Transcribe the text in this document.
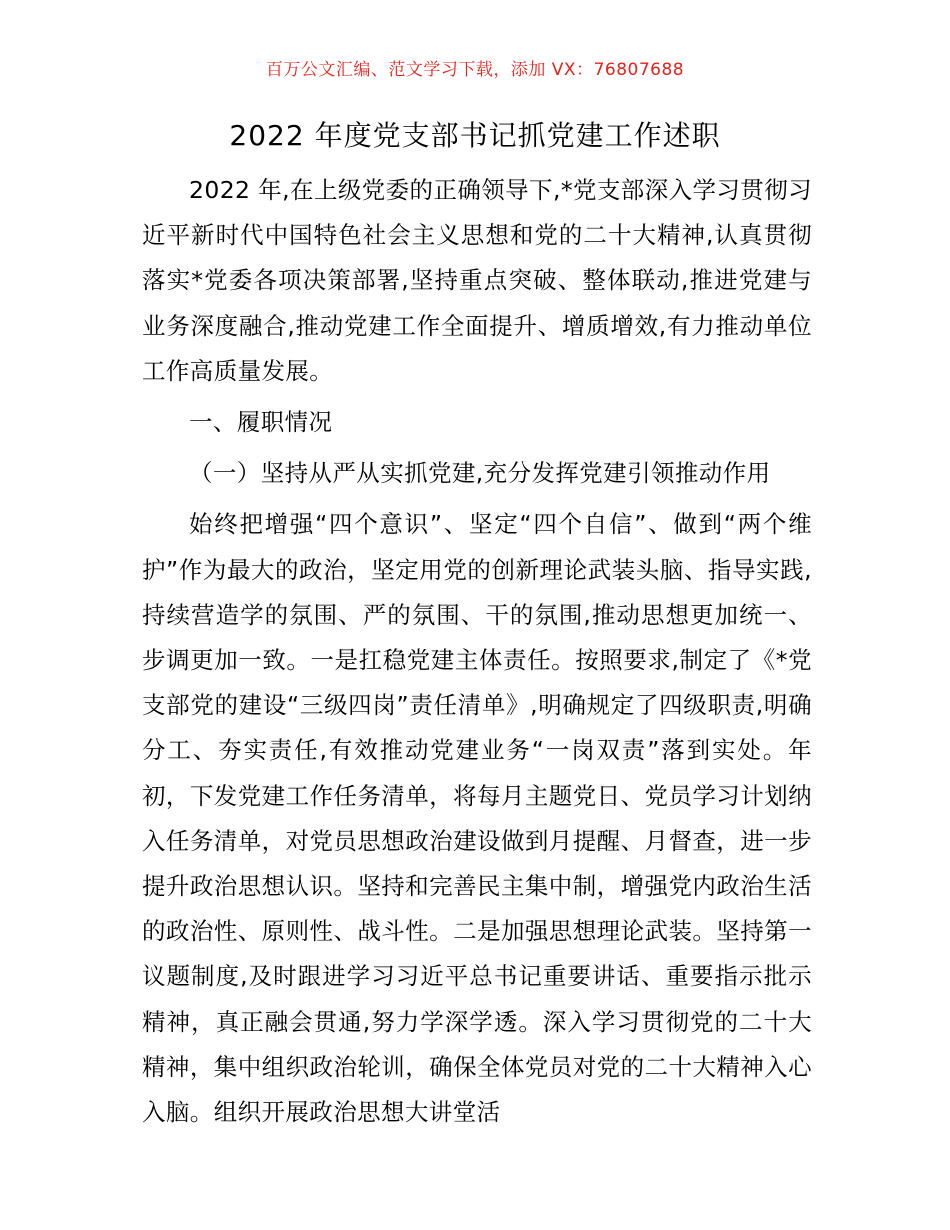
百万公文汇编、范文学习下载，添加 VX：76807688
2022 年度党支部书记抓党建工作述职

2022 年,在上级党委的正确领导下,*党支部深入学习贯彻习近平新时代中国特色社会主义思想和党的二十大精神,认真贯彻落实*党委各项决策部署,坚持重点突破、整体联动,推进党建与业务深度融合,推动党建工作全面提升、增质增效,有力推动单位工作高质量发展。

一、履职情况

（一）坚持从严从实抓党建,充分发挥党建引领推动作用

始终把增强“四个意识”、坚定“四个自信”、做到“两个维护”作为最大的政治，坚定用党的创新理论武装头脑、指导实践,持续营造学的氛围、严的氛围、干的氛围,推动思想更加统一、步调更加一致。一是扛稳党建主体责任。按照要求,制定了《*党支部党的建设“三级四岗”责任清单》,明确规定了四级职责,明确分工、夯实责任,有效推动党建业务“一岗双责”落到实处。年初，下发党建工作任务清单，将每月主题党日、党员学习计划纳入任务清单，对党员思想政治建设做到月提醒、月督查，进一步提升政治思想认识。坚持和完善民主集中制，增强党内政治生活的政治性、原则性、战斗性。二是加强思想理论武装。坚持第一议题制度,及时跟进学习习近平总书记重要讲话、重要指示批示精神，真正融会贯通,努力学深学透。深入学习贯彻党的二十大精神，集中组织政治轮训，确保全体党员对党的二十大精神入心入脑。组织开展政治思想大讲堂活
